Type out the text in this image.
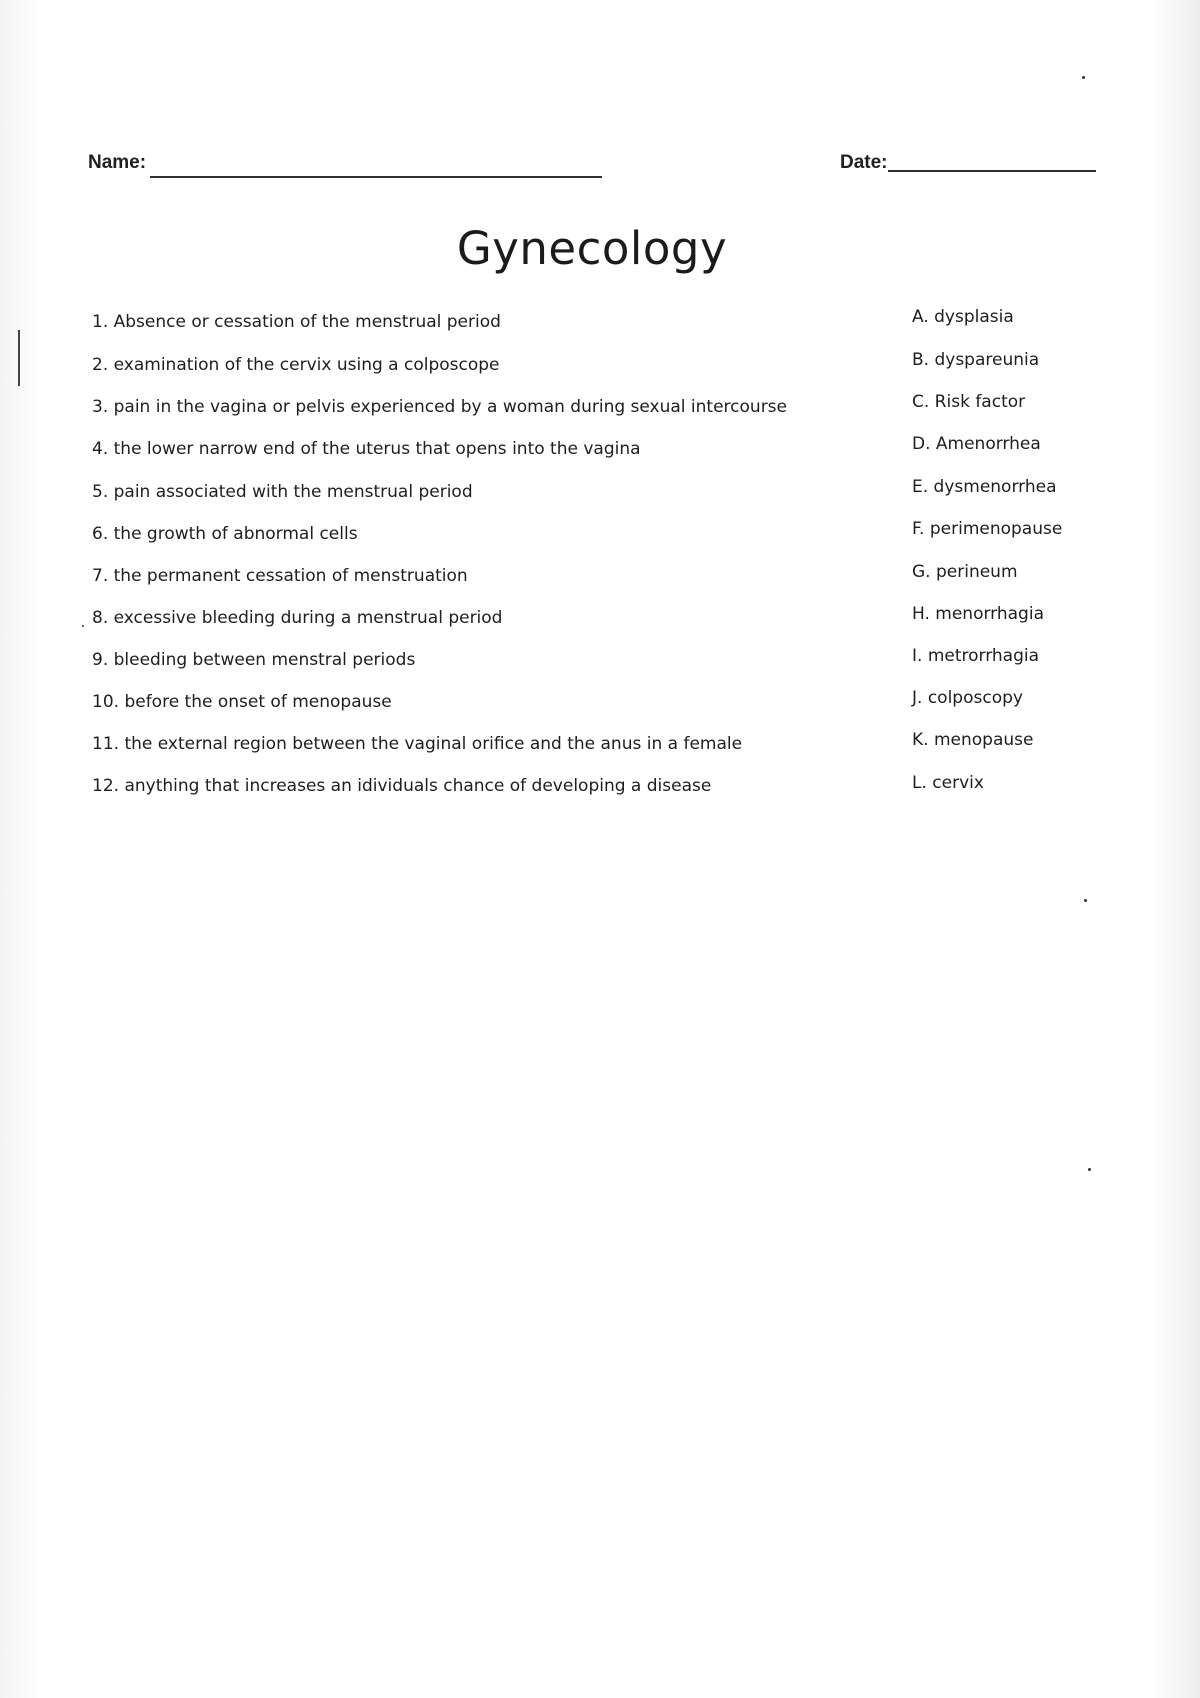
Name:	Date:
Gynecology
1. Absence or cessation of the menstrual period
2. examination of the cervix using a colposcope
3. pain in the vagina or pelvis experienced by a woman during sexual intercourse
4. the lower narrow end of the uterus that opens into the vagina
5. pain associated with the menstrual period
6. the growth of abnormal cells
7. the permanent cessation of menstruation
8. excessive bleeding during a menstrual period
9. bleeding between menstral periods
10. before the onset of menopause
11. the external region between the vaginal orifice and the anus in a female
12. anything that increases an idividuals chance of developing a disease
A. dysplasia
B. dyspareunia
C. Risk factor
D. Amenorrhea
E. dysmenorrhea
F. perimenopause
G. perineum
H. menorrhagia
I. metrorrhagia
J. colposcopy
K. menopause
L. cervix
